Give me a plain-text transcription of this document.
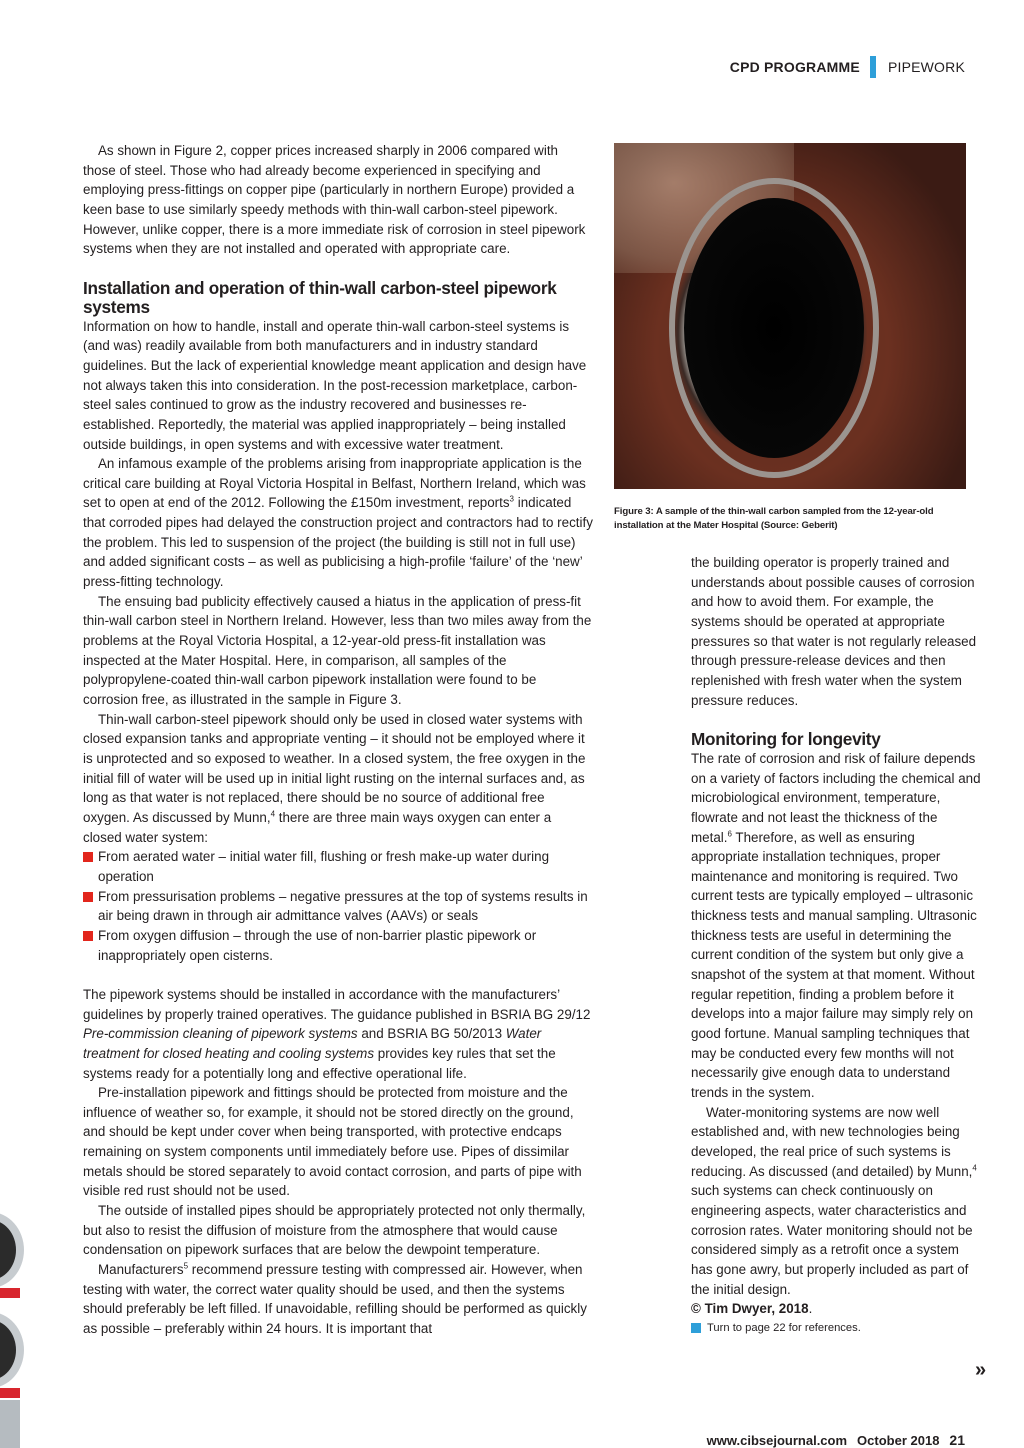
CPD PROGRAMME PIPEWORK

As shown in Figure 2, copper prices increased sharply in 2006 compared with those of steel. Those who had already become experienced in specifying and employing press-fittings on copper pipe (particularly in northern Europe) provided a keen base to use similarly speedy methods with thin-wall carbon-steel pipework. However, unlike copper, there is a more immediate risk of corrosion in steel pipework systems when they are not installed and operated with appropriate care.

Installation and operation of thin-wall carbon-steel pipework systems

Information on how to handle, install and operate thin-wall carbon-steel systems is (and was) readily available from both manufacturers and in industry standard guidelines. But the lack of experiential knowledge meant application and design have not always taken this into consideration. In the post-recession marketplace, carbon-steel sales continued to grow as the industry recovered and businesses re-established. Reportedly, the material was applied inappropriately – being installed outside buildings, in open systems and with excessive water treatment.

An infamous example of the problems arising from inappropriate application is the critical care building at Royal Victoria Hospital in Belfast, Northern Ireland, which was set to open at end of the 2012. Following the £150m investment, reports$^3$ indicated that corroded pipes had delayed the construction project and contractors had to rectify the problem. This led to suspension of the project (the building is still not in full use) and added significant costs – as well as publicising a high-profile ‘failure’ of the ‘new’ press-fitting technology.

The ensuing bad publicity effectively caused a hiatus in the application of press-fit thin-wall carbon steel in Northern Ireland. However, less than two miles away from the problems at the Royal Victoria Hospital, a 12-year-old press-fit installation was inspected at the Mater Hospital. Here, in comparison, all samples of the polypropylene-coated thin-wall carbon pipework installation were found to be corrosion free, as illustrated in the sample in Figure 3.

Thin-wall carbon-steel pipework should only be used in closed water systems with closed expansion tanks and appropriate venting – it should not be employed where it is unprotected and so exposed to weather. In a closed system, the free oxygen in the initial fill of water will be used up in initial light rusting on the internal surfaces and, as long as that water is not replaced, there should be no source of additional free oxygen. As discussed by Munn,$^4$ there are three main ways oxygen can enter a closed water system:

From aerated water – initial water fill, flushing or fresh make-up water during operation
From pressurisation problems – negative pressures at the top of systems results in air being drawn in through air admittance valves (AAVs) or seals
From oxygen diffusion – through the use of non-barrier plastic pipework or inappropriately open cisterns.

The pipework systems should be installed in accordance with the manufacturers’ guidelines by properly trained operatives. The guidance published in BSRIA BG 29/12 Pre-commission cleaning of pipework systems and BSRIA BG 50/2013 Water treatment for closed heating and cooling systems provides key rules that set the systems ready for a potentially long and effective operational life.

Pre-installation pipework and fittings should be protected from moisture and the influence of weather so, for example, it should not be stored directly on the ground, and should be kept under cover when being transported, with protective endcaps remaining on system components until immediately before use. Pipes of dissimilar metals should be stored separately to avoid contact corrosion, and parts of pipe with visible red rust should not be used.

The outside of installed pipes should be appropriately protected not only thermally, but also to resist the diffusion of moisture from the atmosphere that would cause condensation on pipework surfaces that are below the dewpoint temperature.

Manufacturers$^5$ recommend pressure testing with compressed air. However, when testing with water, the correct water quality should be used, and then the systems should preferably be left filled. If unavoidable, refilling should be performed as quickly as possible – preferably within 24 hours. It is important that

Figure 3: A sample of the thin-wall carbon sampled from the 12-year-old installation at the Mater Hospital (Source: Geberit)

the building operator is properly trained and understands about possible causes of corrosion and how to avoid them. For example, the systems should be operated at appropriate pressures so that water is not regularly released through pressure-release devices and then replenished with fresh water when the system pressure reduces.

Monitoring for longevity

The rate of corrosion and risk of failure depends on a variety of factors including the chemical and microbiological environment, temperature, flowrate and not least the thickness of the metal.$^6$ Therefore, as well as ensuring appropriate installation techniques, proper maintenance and monitoring is required. Two current tests are typically employed – ultrasonic thickness tests and manual sampling. Ultrasonic thickness tests are useful in determining the current condition of the system but only give a snapshot of the system at that moment. Without regular repetition, finding a problem before it develops into a major failure may simply rely on good fortune. Manual sampling techniques that may be conducted every few months will not necessarily give enough data to understand trends in the system.

Water-monitoring systems are now well established and, with new technologies being developed, the real price of such systems is reducing. As discussed (and detailed) by Munn,$^4$ such systems can check continuously on engineering aspects, water characteristics and corrosion rates. Water monitoring should not be considered simply as a retrofit once a system has gone awry, but properly included as part of the initial design.

© Tim Dwyer, 2018.

Turn to page 22 for references.
»
www.cibsejournal.com October 2018 21
